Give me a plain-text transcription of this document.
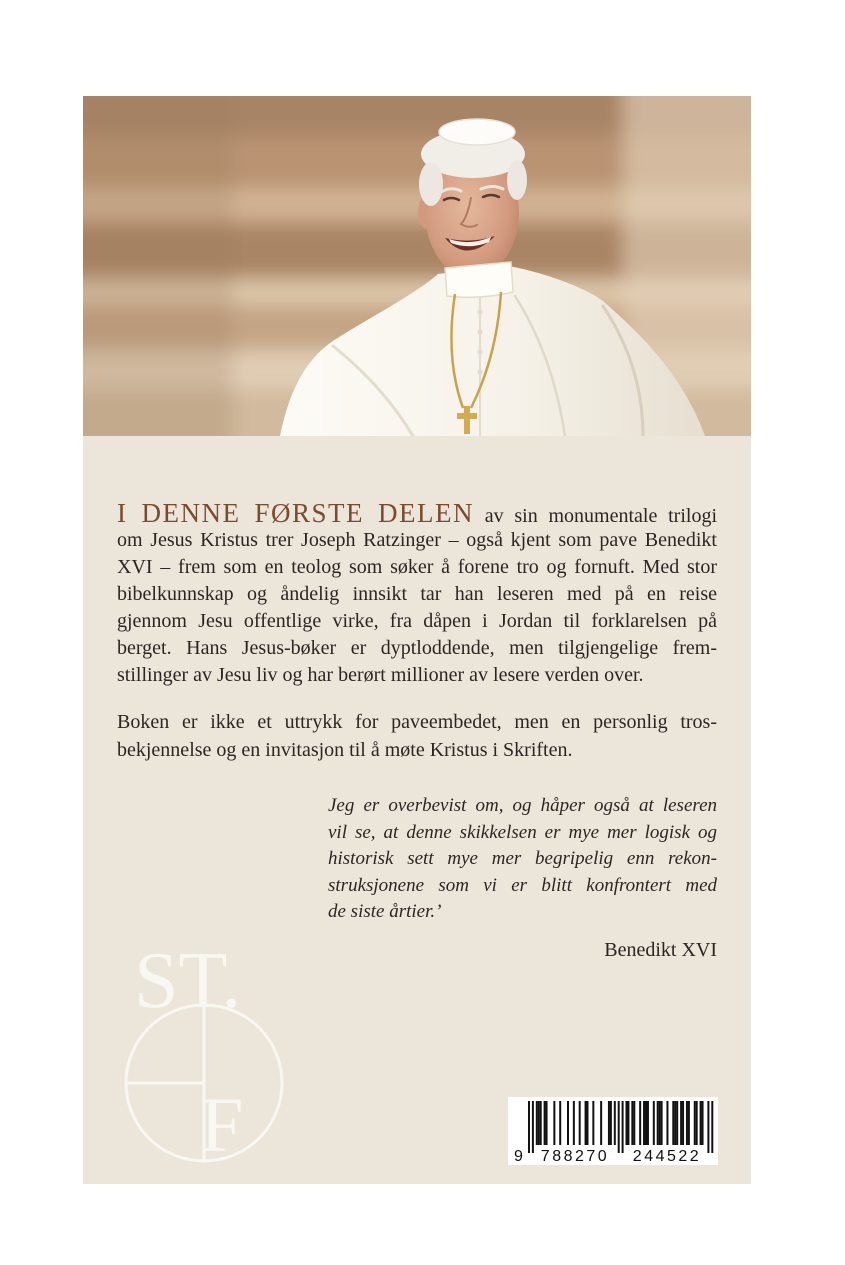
I DENNE FØRSTE DELEN av sin monumentale trilogi
om Jesus Kristus trer Joseph Ratzinger – også kjent som pave Benedikt
XVI – frem som en teolog som søker å forene tro og fornuft. Med stor
bibelkunnskap og åndelig innsikt tar han leseren med på en reise
gjennom Jesu offentlige virke, fra dåpen i Jordan til forklarelsen på
berget. Hans Jesus-bøker er dyptloddende, men tilgjengelige frem-
stillinger av Jesu liv og har berørt millioner av lesere verden over.
Boken er ikke et uttrykk for paveembedet, men en personlig tros-
bekjennelse og en invitasjon til å møte Kristus i Skriften.
Jeg er overbevist om, og håper også at leseren
vil se, at denne skikkelsen er mye mer logisk og
historisk sett mye mer begripelig enn rekon-
struksjonene som vi er blitt konfrontert med
de siste årtier.’
Benedikt XVI
ST.
F	9 788270 244522
